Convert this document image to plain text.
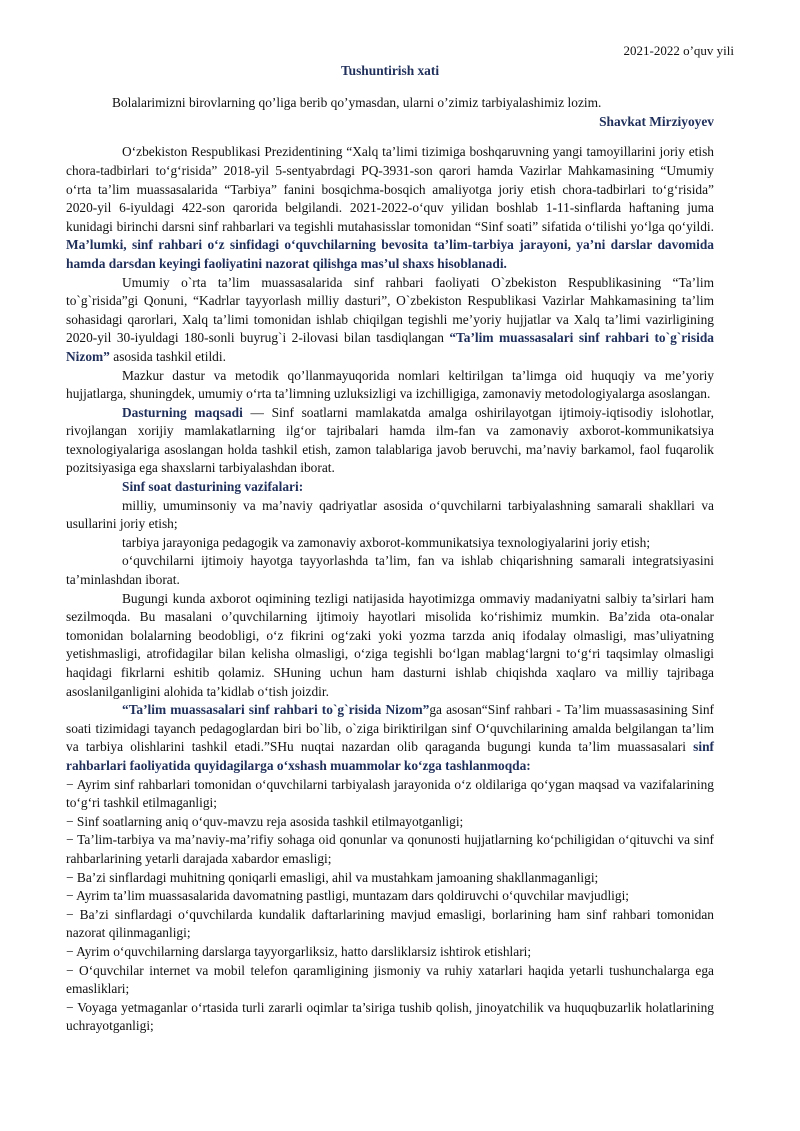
2021-2022 o’quv yili
Tushuntirish xati
Bolalarimizni birovlarning qo’liga berib qo’ymasdan, ularni o’zimiz tarbiyalashimiz lozim.
Shavkat Mirziyoyev

O‘zbekiston Respublikasi Prezidentining “Xalq ta’limi tizimiga boshqaruvning yangi tamoyillarini joriy etish chora-tadbirlari to‘g‘risida” 2018-yil 5-sentyabrdagi PQ-3931-son qarori hamda Vazirlar Mahkamasining “Umumiy o‘rta ta’lim muassasalarida “Tarbiya” fanini bosqichma-bosqich amaliyotga joriy etish chora-tadbirlari to‘g‘risida” 2020-yil 6-iyuldagi 422-son qarorida belgilandi. 2021-2022-o‘quv yilidan boshlab 1-11-sinflarda haftaning juma kunidagi birinchi darsni sinf rahbarlari va tegishli mutahasisslar tomonidan “Sinf soati” sifatida o‘tilishi yo‘lga qo‘yildi. Ma’lumki, sinf rahbari o‘z sinfidagi o‘quvchilarning bevosita ta’lim-tarbiya jarayoni, ya’ni darslar davomida hamda darsdan keyingi faoliyatini nazorat qilishga mas’ul shaxs hisoblanadi.

Umumiy o`rta ta’lim muassasalarida sinf rahbari faoliyati O`zbekiston Respublikasining “Ta’lim to`g`risida”gi Qonuni, “Kadrlar tayyorlash milliy dasturi”, O`zbekiston Respublikasi Vazirlar Mahkamasining ta’lim sohasidagi qarorlari, Xalq ta’limi tomonidan ishlab chiqilgan tegishli me’yoriy hujjatlar va Xalq ta’limi vazirligining 2020-yil 30-iyuldagi 180-sonli buyrug`i 2-ilovasi bilan tasdiqlangan “Ta’lim muassasalari sinf rahbari to`g`risida Nizom” asosida tashkil etildi.

Mazkur dastur va metodik qo’llanmayuqorida nomlari keltirilgan ta’limga oid huquqiy va me’yoriy hujjatlarga, shuningdek, umumiy o‘rta ta’limning uzluksizligi va izchilligiga, zamonaviy metodologiyalarga asoslangan.

Dasturning maqsadi — Sinf soatlarni mamlakatda amalga oshirilayotgan ijtimoiy-iqtisodiy islohotlar, rivojlangan xorijiy mamlakatlarning ilg‘or tajribalari hamda ilm-fan va zamonaviy axborot-kommunikatsiya texnologiyalariga asoslangan holda tashkil etish, zamon talablariga javob beruvchi, ma’naviy barkamol, faol fuqarolik pozitsiyasiga ega shaxslarni tarbiyalashdan iborat.

Sinf soat dasturining vazifalari:

milliy, umuminsoniy va ma’naviy qadriyatlar asosida o‘quvchilarni tarbiyalashning samarali shakllari va usullarini joriy etish;

tarbiya jarayoniga pedagogik va zamonaviy axborot-kommunikatsiya texnologiyalarini joriy etish;

o‘quvchilarni ijtimoiy hayotga tayyorlashda ta’lim, fan va ishlab chiqarishning samarali integratsiyasini ta’minlashdan iborat.

Bugungi kunda axborot oqimining tezligi natijasida hayotimizga ommaviy madaniyatni salbiy ta’sirlari ham sezilmoqda. Bu masalani o’quvchilarning ijtimoiy hayotlari misolida ko‘rishimiz mumkin. Ba’zida ota-onalar tomonidan bolalarning beodobligi, o‘z fikrini og‘zaki yoki yozma tarzda aniq ifodalay olmasligi, mas’uliyatning yetishmasligi, atrofidagilar bilan kelisha olmasligi, o‘ziga tegishli bo‘lgan mablag‘largni to‘g‘ri taqsimlay olmasligi haqidagi fikrlarni eshitib qolamiz. SHuning uchun ham dasturni ishlab chiqishda xaqlaro va milliy tajribaga asoslanilganligini alohida ta’kidlab o‘tish joizdir.

“Ta’lim muassasalari sinf rahbari to`g`risida Nizom”ga asosan“Sinf rahbari - Ta’lim muassasasining Sinf soati tizimidagi tayanch pedagoglardan biri bo`lib, o`ziga biriktirilgan sinf O‘quvchilarining amalda belgilangan ta’lim va tarbiya olishlarini tashkil etadi.”SHu nuqtai nazardan olib qaraganda bugungi kunda ta’lim muassasalari sinf rahbarlari faoliyatida quyidagilarga o‘xshash muammolar ko‘zga tashlanmoqda:

− Ayrim sinf rahbarlari tomonidan o‘quvchilarni tarbiyalash jarayonida o‘z oldilariga qo‘ygan maqsad va vazifalarining to‘g‘ri tashkil etilmaganligi;

− Sinf soatlarning aniq o‘quv-mavzu reja asosida tashkil etilmayotganligi;

− Ta’lim-tarbiya va ma’naviy-ma’rifiy sohaga oid qonunlar va qonunosti hujjatlarning ko‘pchiligidan o‘qituvchi va sinf rahbarlarining yetarli darajada xabardor emasligi;

− Ba’zi sinflardagi muhitning qoniqarli emasligi, ahil va mustahkam jamoaning shakllanmaganligi;

− Ayrim ta’lim muassasalarida davomatning pastligi, muntazam dars qoldiruvchi o‘quvchilar mavjudligi;

− Ba’zi sinflardagi o‘quvchilarda kundalik daftarlarining mavjud emasligi, borlarining ham sinf rahbari tomonidan nazorat qilinmaganligi;

− Ayrim o‘quvchilarning darslarga tayyorgarliksiz, hatto darsliklarsiz ishtirok etishlari;

− O‘quvchilar internet va mobil telefon qaramligining jismoniy va ruhiy xatarlari haqida yetarli tushunchalarga ega emasliklari;

− Voyaga yetmaganlar o‘rtasida turli zararli oqimlar ta’siriga tushib qolish, jinoyatchilik va huquqbuzarlik holatlarining uchrayotganligi;
